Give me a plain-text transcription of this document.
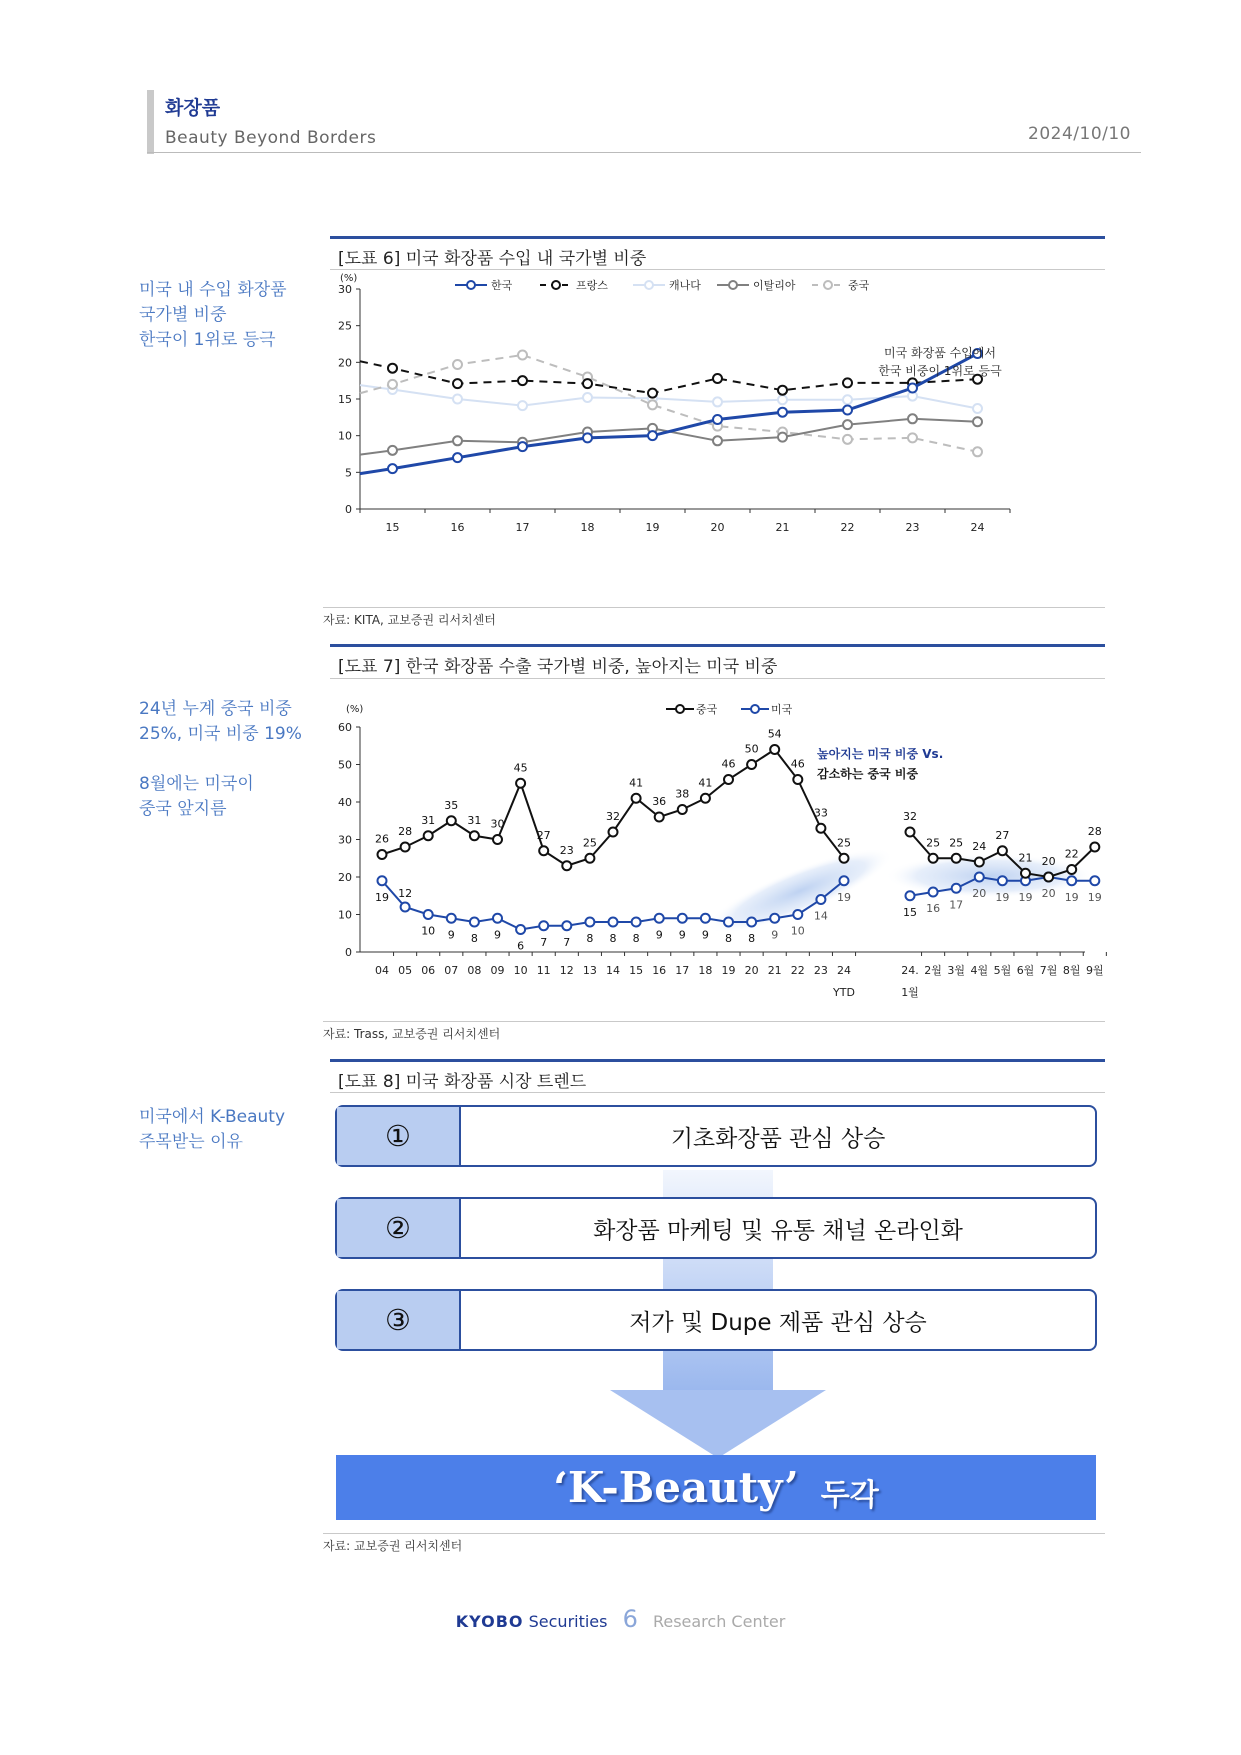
화장품
Beauty Beyond Borders	2024/10/10
미국 내 수입 화장품
국가별 비중
한국이 1위로 등극
24년 누계 중국 비중
25%, 미국 비중 19%
8월에는 미국이
중국 앞지름
미국에서 K-Beauty
주목받는 이유
[도표 6] 미국 화장품 수입 내 국가별 비중
0
5
10
15
20
25
30
(%)
15	16	17	18	19	20	21	22	23	24
한국	프랑스	캐나다	이탈리아	중국
미국 화장품 수입에서
한국 비중이 1위로 등극
자료: KITA, 교보증권 리서치센터
[도표 7] 한국 화장품 수출 국가별 비중, 높아지는 미국 비중
0
10
20
30
40
50
60
(%)
04 05 06 07 08 09 10 11 12 13 14 15 16 17 18 19 20 21 22 23 24
YTD
24.
1월
2월 3월 4월 5월 6월 7월 8월 9월
중국	미국
19 12
10 9 8 9
6 7 7 8 8 8 9 9 9 8 8 9 10
14
19
15 16 17
20 19 19 20 19 19
26
28
31
35
31 30
45
27
23
25
32
41
36
38
41
46
50
54
46
33
25
32
25 25 24
27
21 20
22
28
높아지는 미국 비중 Vs.
감소하는 중국 비중
자료: Trass, 교보증권 리서치센터
[도표 8] 미국 화장품 시장 트렌드
①	기초화장품 관심 상승
②	화장품 마케팅 및 유통 채널 온라인화
③	저가 및 Dupe 제품 관심 상승
‘K-Beauty’ 두각
자료: 교보증권 리서치센터
KYOBO Securities 6 Research Center
